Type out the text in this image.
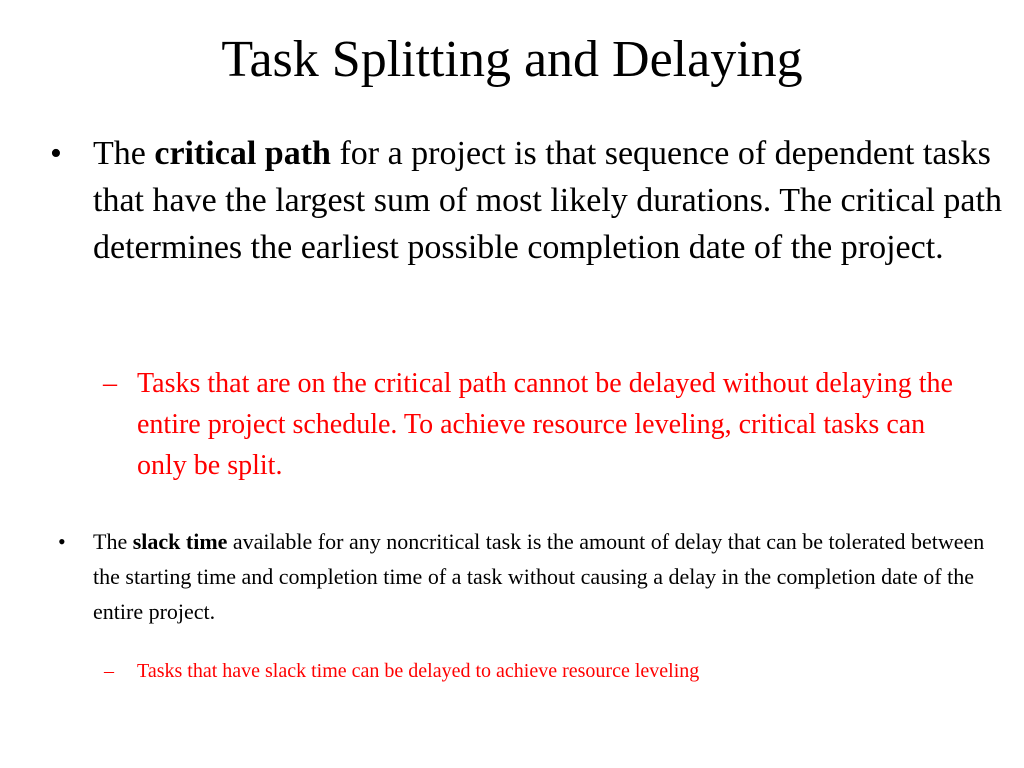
Task Splitting and Delaying

• The critical path for a project is that sequence of dependent tasks that have the largest sum of most likely durations. The critical path determines the earliest possible completion date of the project.

– Tasks that are on the critical path cannot be delayed without delaying the entire project schedule. To achieve resource leveling, critical tasks can only be split.

• The slack time available for any noncritical task is the amount of delay that can be tolerated between the starting time and completion time of a task without causing a delay in the completion date of the entire project.

– Tasks that have slack time can be delayed to achieve resource leveling
